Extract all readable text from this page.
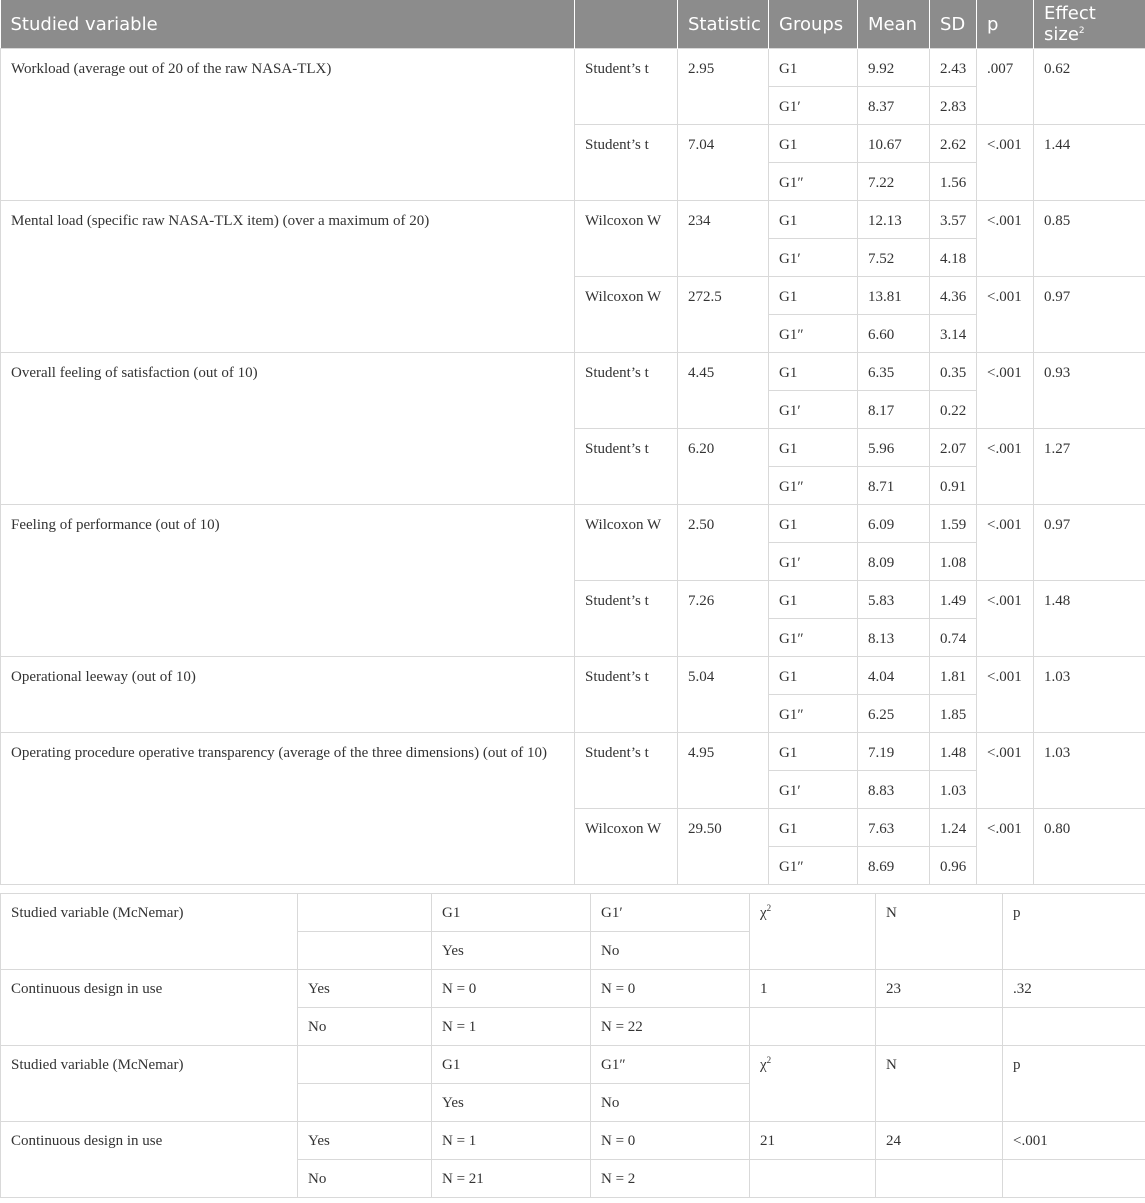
Studied variable		Statistic	Groups	Mean	SD	p	Effect size$^2$
Workload (average out of 20 of the raw NASA-TLX)	Student’s t	2.95	G1	9.92	2.43	.007	0.62
			G1′	8.37	2.83		
	Student’s t	7.04	G1	10.67	2.62	<.001	1.44
			G1″	7.22	1.56		
Mental load (specific raw NASA-TLX item) (over a maximum of 20)	Wilcoxon W	234	G1	12.13	3.57	<.001	0.85
			G1′	7.52	4.18		
	Wilcoxon W	272.5	G1	13.81	4.36	<.001	0.97
			G1″	6.60	3.14		
Overall feeling of satisfaction (out of 10)	Student’s t	4.45	G1	6.35	0.35	<.001	0.93
			G1′	8.17	0.22		
	Student’s t	6.20	G1	5.96	2.07	<.001	1.27
			G1″	8.71	0.91		
Feeling of performance (out of 10)	Wilcoxon W	2.50	G1	6.09	1.59	<.001	0.97
			G1′	8.09	1.08		
	Student’s t	7.26	G1	5.83	1.49	<.001	1.48
			G1″	8.13	0.74		
Operational leeway (out of 10)	Student’s t	5.04	G1	4.04	1.81	<.001	1.03
			G1″	6.25	1.85		
Operating procedure operative transparency (average of the three dimensions) (out of 10)	Student’s t	4.95	G1	7.19	1.48	<.001	1.03
			G1′	8.83	1.03		
	Wilcoxon W	29.50	G1	7.63	1.24	<.001	0.80
			G1″	8.69	0.96		
Studied variable (McNemar)		G1	G1′	$\chi^2$	N	p
		Yes	No			
Continuous design in use	Yes	N = 0	N = 0	1	23	.32
	No	N = 1	N = 22			
Studied variable (McNemar)		G1	G1″	$\chi^2$	N	p
		Yes	No			
Continuous design in use	Yes	N = 1	N = 0	21	24	<.001
	No	N = 21	N = 2			
